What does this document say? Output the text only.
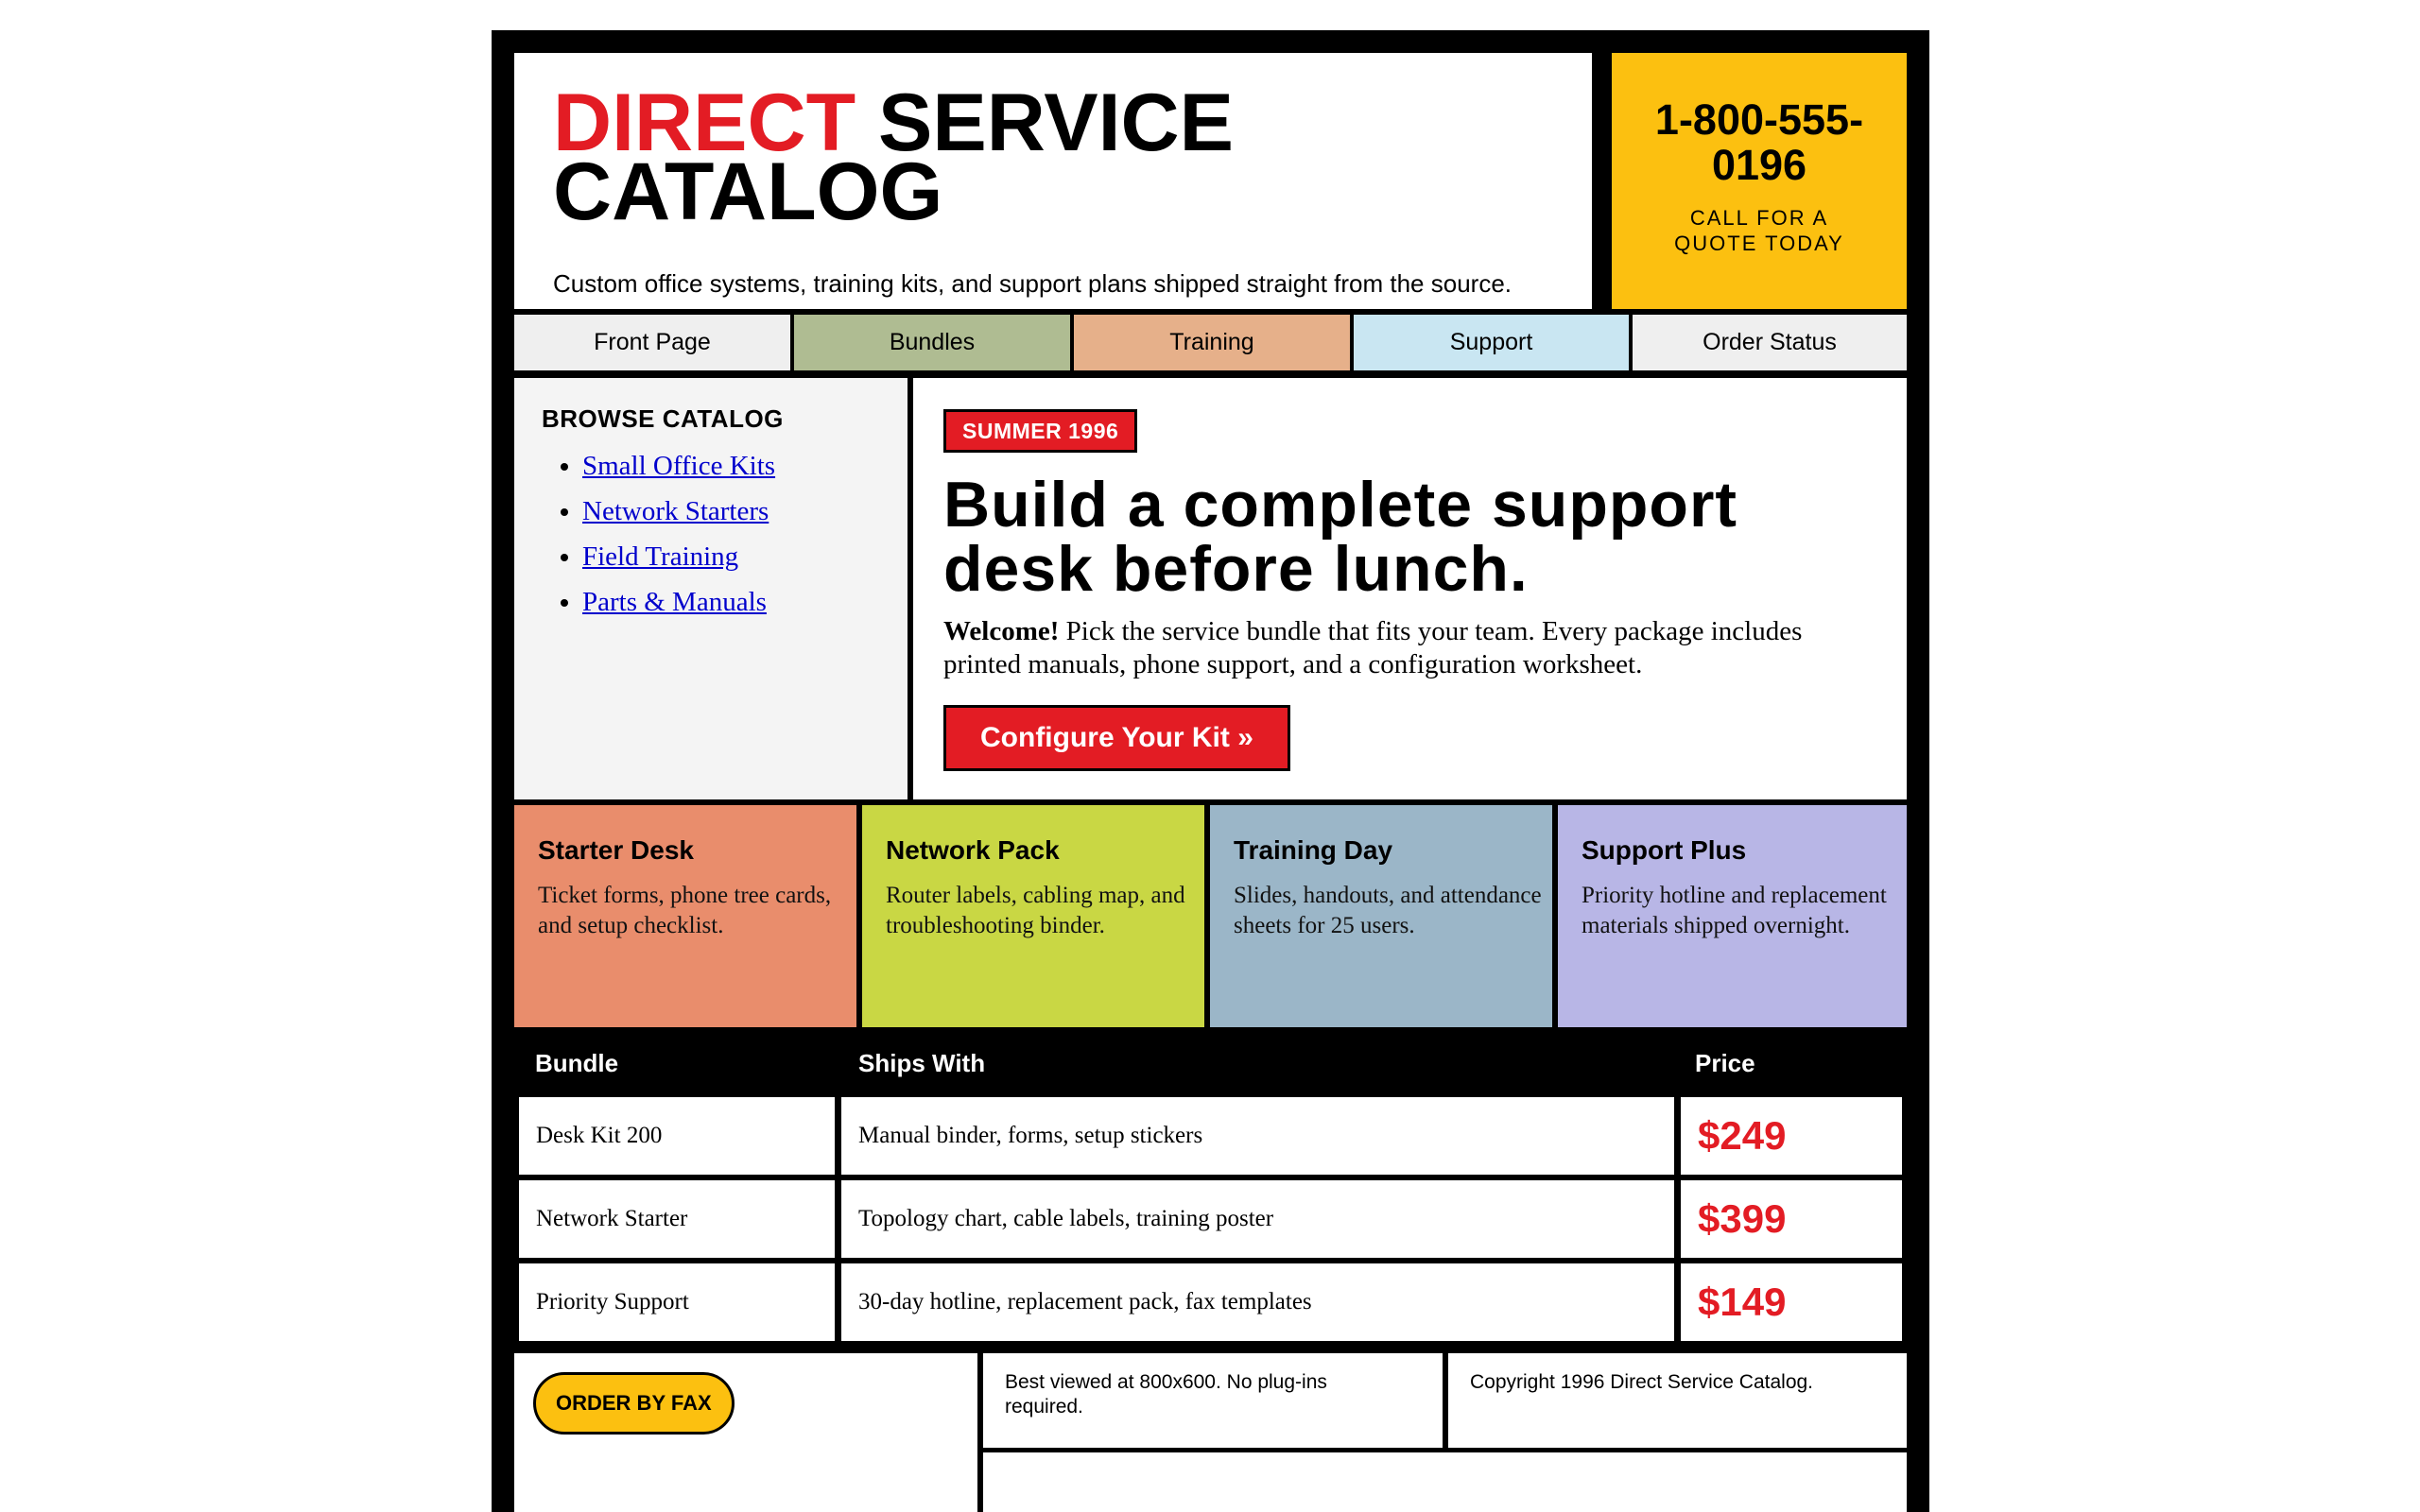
DIRECT SERVICE
CATALOG
Custom office systems, training kits, and support plans shipped straight from the source.
1-800-555-0196
CALL FOR A QUOTE TODAY
Front Page	Bundles	Training	Support	Order Status
BROWSE CATALOG
• Small Office Kits
• Network Starters
• Field Training
• Parts & Manuals
SUMMER 1996
Build a complete support desk before lunch.
Welcome! Pick the service bundle that fits your team. Every package includes printed manuals, phone support, and a configuration worksheet.
Configure Your Kit »
Starter Desk
Ticket forms, phone tree cards, and setup checklist.
Network Pack
Router labels, cabling map, and troubleshooting binder.
Training Day
Slides, handouts, and attendance sheets for 25 users.
Support Plus
Priority hotline and replacement materials shipped overnight.
Bundle	Ships With	Price
Desk Kit 200	Manual binder, forms, setup stickers	$249
Network Starter	Topology chart, cable labels, training poster	$399
Priority Support	30-day hotline, replacement pack, fax templates	$149
ORDER BY FAX
Best viewed at 800x600. No plug-ins required.
Copyright 1996 Direct Service Catalog.
